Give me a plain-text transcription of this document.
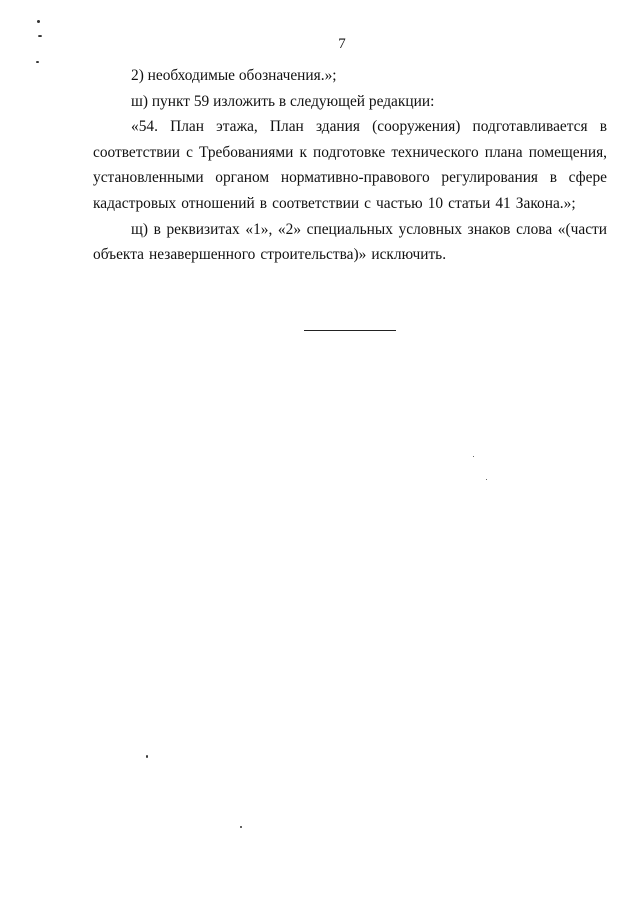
7

2) необходимые обозначения.»;

ш) пункт 59 изложить в следующей редакции:

«54. План этажа, План здания (сооружения) подготавливается в соответствии с Требованиями к подготовке технического плана помещения, установленными органом нормативно-правового регулирования в сфере кадастровых отношений в соответствии с частью 10 статьи 41 Закона.»;

щ) в реквизитах «1», «2» специальных условных знаков слова «(части объекта незавершенного строительства)» исключить.
